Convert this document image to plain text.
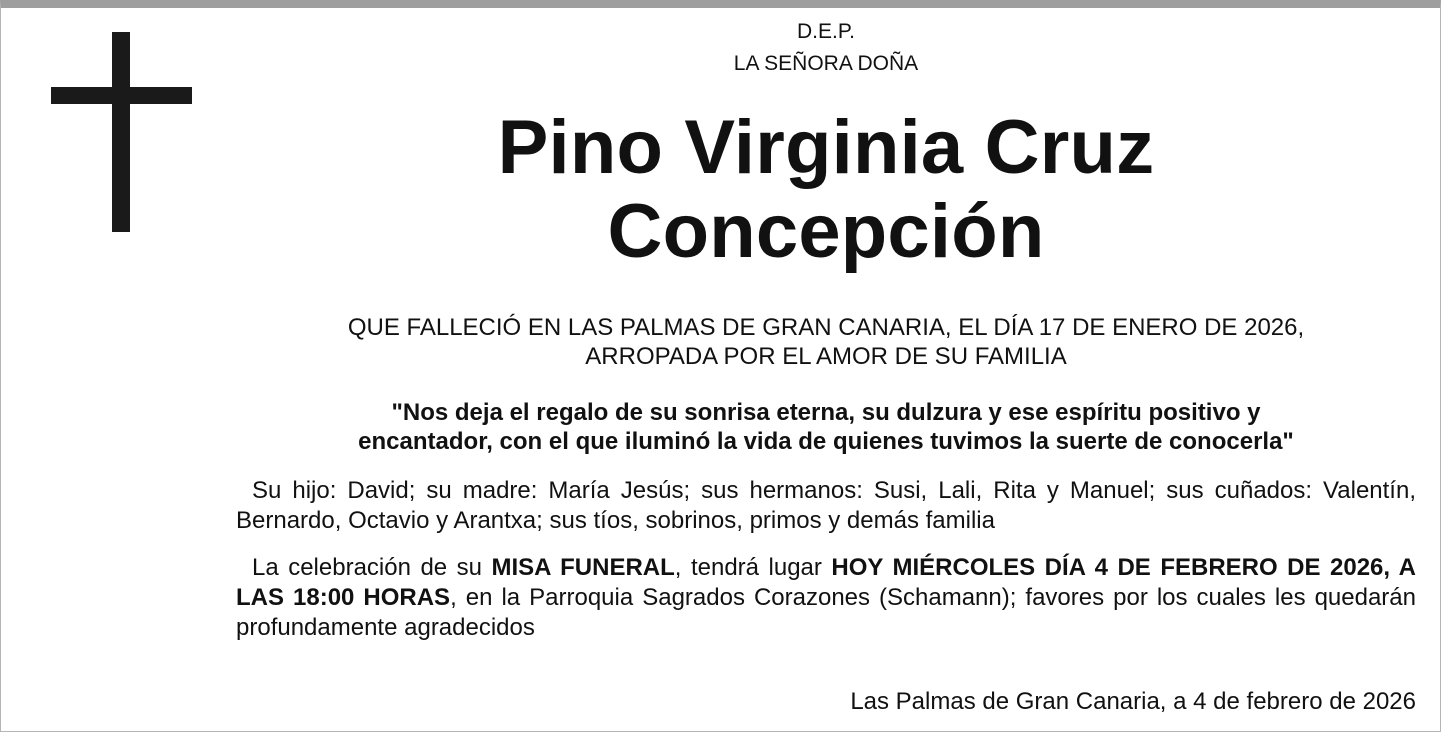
D.E.P.
LA SEÑORA DOÑA
Pino Virginia Cruz
Concepción
QUE FALLECIÓ EN LAS PALMAS DE GRAN CANARIA, EL DÍA 17 DE ENERO DE 2026,
ARROPADA POR EL AMOR DE SU FAMILIA
"Nos deja el regalo de su sonrisa eterna, su dulzura y ese espíritu positivo y
encantador, con el que iluminó la vida de quienes tuvimos la suerte de conocerla"
Su hijo: David; su madre: María Jesús; sus hermanos: Susi, Lali, Rita y Manuel; sus cuñados: Valentín, Bernardo, Octavio y Arantxa; sus tíos, sobrinos, primos y demás familia
La celebración de su MISA FUNERAL, tendrá lugar HOY MIÉRCOLES DÍA 4 DE FEBRERO DE 2026, A LAS 18:00 HORAS, en la Parroquia Sagrados Corazones (Schamann); favores por los cuales les quedarán profundamente agradecidos
Las Palmas de Gran Canaria, a 4 de febrero de 2026
